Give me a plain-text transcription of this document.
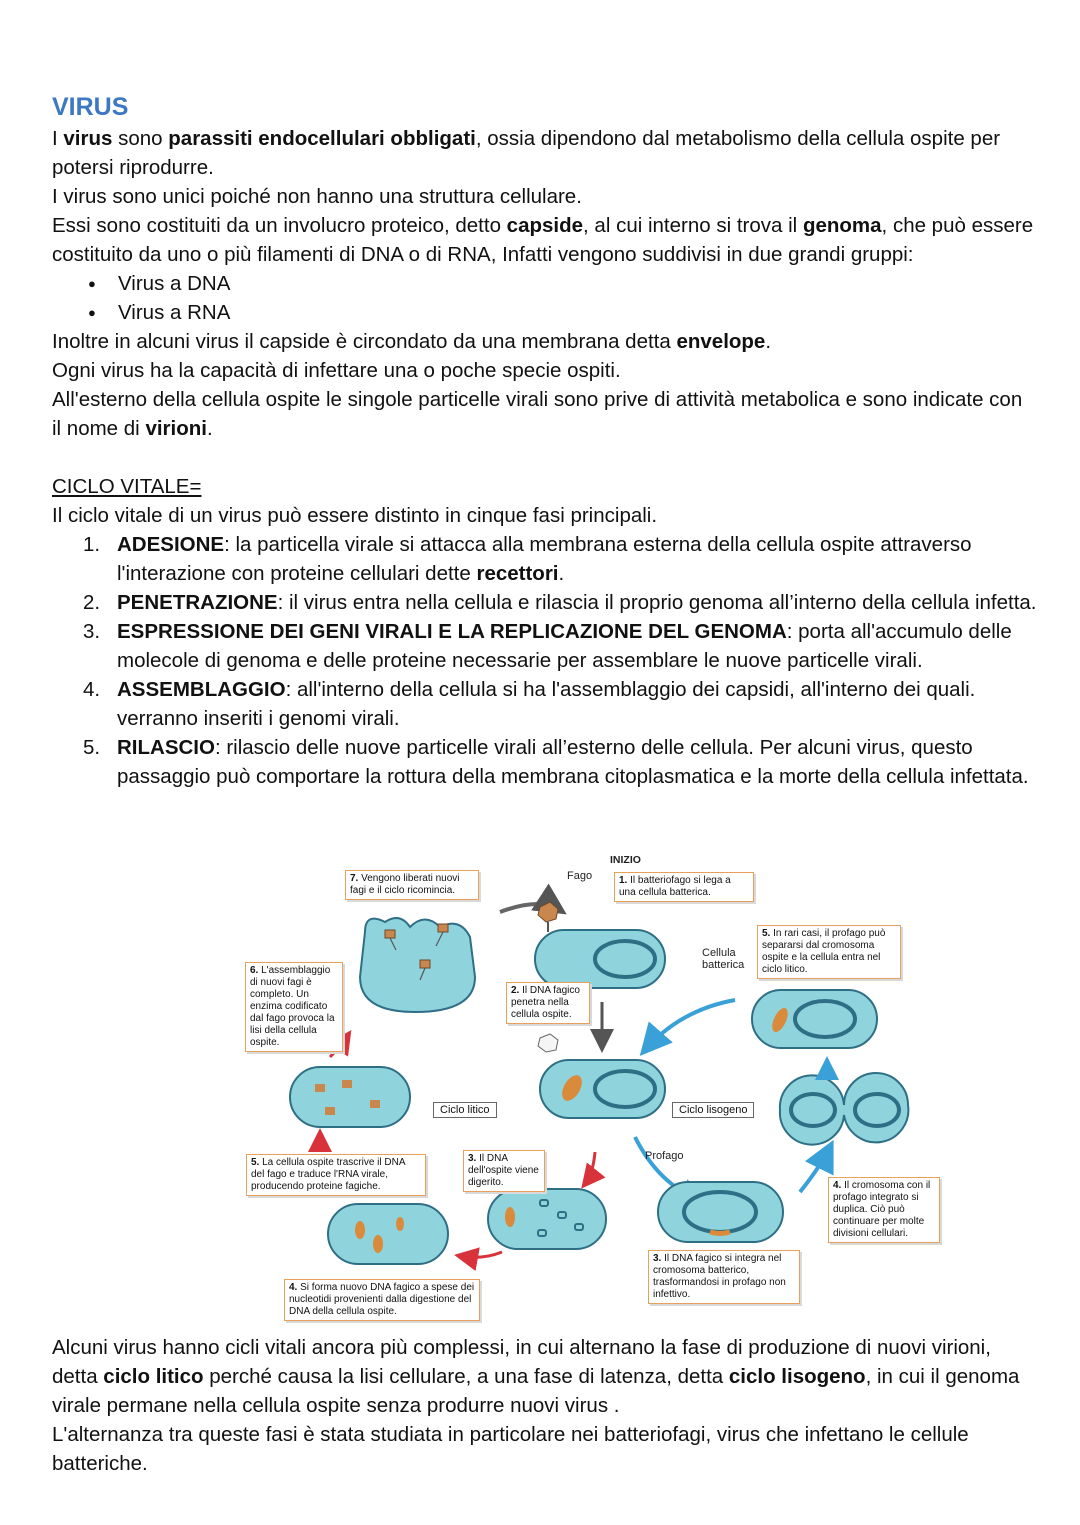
VIRUS

I virus sono parassiti endocellulari obbligati, ossia dipendono dal metabolismo della cellula ospite per potersi riprodurre.

I virus sono unici poiché non hanno una struttura cellulare.

Essi sono costituiti da un involucro proteico, detto capside, al cui interno si trova il genoma, che può essere costituito da uno o più filamenti di DNA o di RNA, Infatti vengono suddivisi in due grandi gruppi:

● Virus a DNA
● Virus a RNA

Inoltre in alcuni virus il capside è circondato da una membrana detta envelope.

Ogni virus ha la capacità di infettare una o poche specie ospiti.

All'esterno della cellula ospite le singole particelle virali sono prive di attività metabolica e sono indicate con il nome di virioni.

CICLO VITALE=

Il ciclo vitale di un virus può essere distinto in cinque fasi principali.

1. ADESIONE: la particella virale si attacca alla membrana esterna della cellula ospite attraverso l'interazione con proteine cellulari dette recettori.
2. PENETRAZIONE: il virus entra nella cellula e rilascia il proprio genoma all’interno della cellula infetta.
3. ESPRESSIONE DEI GENI VIRALI E LA REPLICAZIONE DEL GENOMA: porta all'accumulo delle molecole di genoma e delle proteine necessarie per assemblare le nuove particelle virali.
4. ASSEMBLAGGIO: all'interno della cellula si ha l'assemblaggio dei capsidi, all'interno dei quali. verranno inseriti i genomi virali.
5. RILASCIO: rilascio delle nuove particelle virali all’esterno delle cellula. Per alcuni virus, questo passaggio può comportare la rottura della membrana citoplasmatica e la morte della cellula infettata.
INIZIO
Fago
Cellula
batterica
Profago
Ciclo litico	Ciclo lisogeno
1. Il batteriofago si lega a una cellula batterica.
7. Vengono liberati nuovi fagi e il ciclo ricomincia.
6. L'assemblaggio di nuovi fagi è completo. Un enzima codificato dal fago provoca la lisi della cellula ospite.
2. Il DNA fagico penetra nella cellula ospite.
5. In rari casi, il profago può separarsi dal cromosoma ospite e la cellula entra nel ciclo litico.
5. La cellula ospite trascrive il DNA del fago e traduce l'RNA virale, producendo proteine fagiche.
3. Il DNA dell'ospite viene digerito.	4. Il cromosoma con il profago integrato si duplica. Ciò può continuare per molte divisioni cellulari.
3. Il DNA fagico si integra nel cromosoma batterico, trasformandosi in profago non infettivo.
4. Si forma nuovo DNA fagico a spese dei nucleotidi provenienti dalla digestione del DNA della cellula ospite.

Alcuni virus hanno cicli vitali ancora più complessi, in cui alternano la fase di produzione di nuovi virioni, detta ciclo litico perché causa la lisi cellulare, a una fase di latenza, detta ciclo lisogeno, in cui il genoma virale permane nella cellula ospite senza produrre nuovi virus .

L'alternanza tra queste fasi è stata studiata in particolare nei batteriofagi, virus che infettano le cellule batteriche.
